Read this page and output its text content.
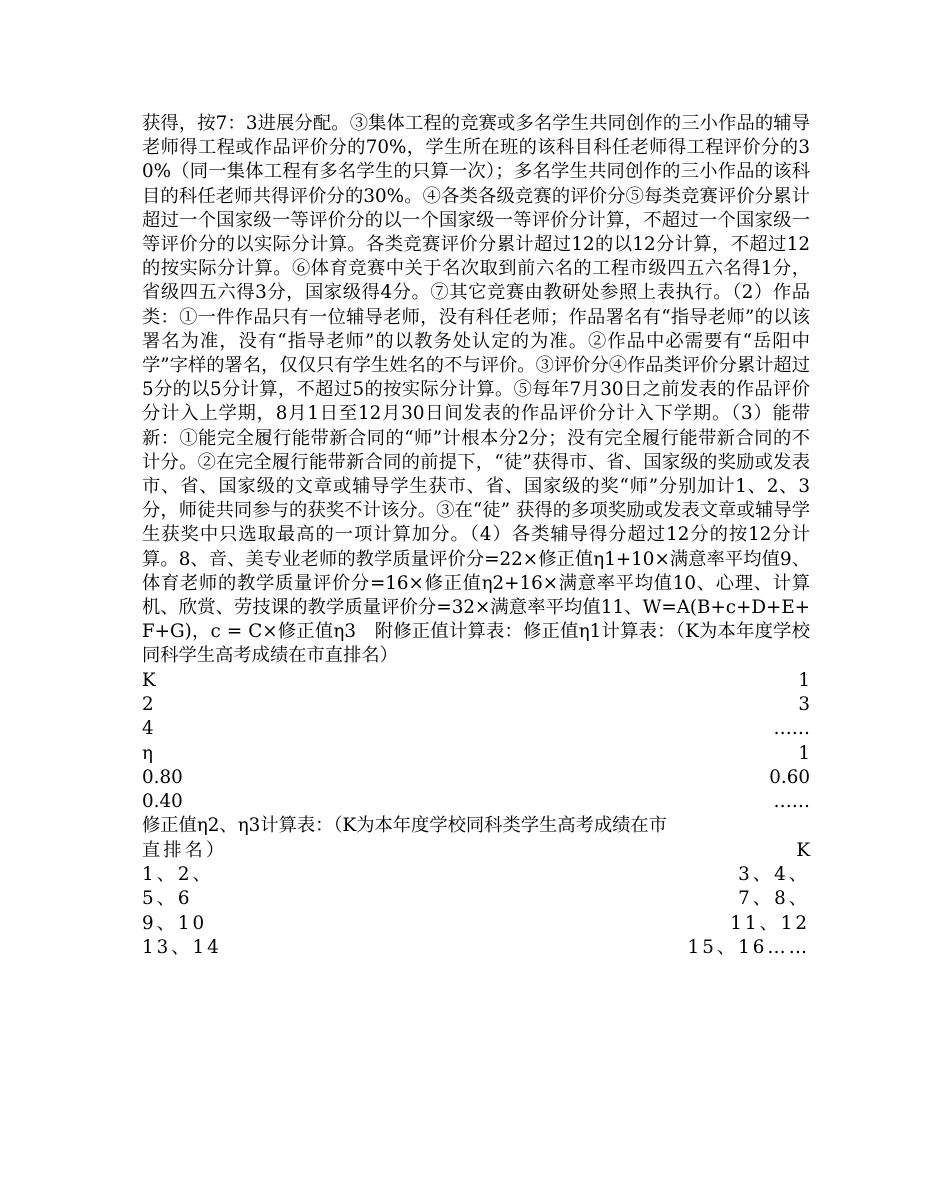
获得，按7：3进展分配。③集体工程的竞赛或多名学生共同创作的三小作品的辅导老师得工程或作品评价分的70%，学生所在班的该科目科任老师得工程评价分的30%（同一集体工程有多名学生的只算一次）；多名学生共同创作的三小作品的该科目的科任老师共得评价分的30%。④各类各级竞赛的评价分⑤每类竞赛评价分累计超过一个国家级一等评价分的以一个国家级一等评价分计算，不超过一个国家级一等评价分的以实际分计算。各类竞赛评价分累计超过12的以12分计算，不超过12的按实际分计算。⑥体育竞赛中关于名次取到前六名的工程市级四五六名得1分，省级四五六得3分，国家级得4分。⑦其它竞赛由教研处参照上表执行。（2）作品类：①一件作品只有一位辅导老师，没有科任老师；作品署名有“指导老师”的以该署名为准，没有“指导老师”的以教务处认定的为准。②作品中必需要有“岳阳中学”字样的署名，仅仅只有学生姓名的不与评价。③评价分④作品类评价分累计超过5分的以5分计算，不超过5的按实际分计算。⑤每年7月30日之前发表的作品评价分计入上学期，8月1日至12月30日间发表的作品评价分计入下学期。（3）能带新：①能完全履行能带新合同的“师”计根本分2分；没有完全履行能带新合同的不计分。②在完全履行能带新合同的前提下，“徒”获得市、省、国家级的奖励或发表市、省、国家级的文章或辅导学生获市、省、国家级的奖“师”分别加计1、2、3分，师徒共同参与的获奖不计该分。③在“徒” 获得的多项奖励或发表文章或辅导学生获奖中只选取最高的一项计算加分。（4）各类辅导得分超过12分的按12分计算。8、音、美专业老师的教学质量评价分=22×修正值η1+10×满意率平均值9、体育老师的教学质量评价分=16×修正值η2+16×满意率平均值10、心理、计算机、欣赏、劳技课的教学质量评价分=32×满意率平均值11、W=A(B+c+D+E+F+G)，c = C×修正值η3　附修正值计算表：修正值η1计算表：（K为本年度学校同科学生高考成绩在市直排名）

K	1
2	3
4	……
η	1
0.80	0.60
0.40	……

修正值η2、η3计算表：（K为本年度学校同科类学生高考成绩在市

直排名）	K
1、2、	3、4、
5、6	7、8、
9、10	11、12
13、14	15、16……
